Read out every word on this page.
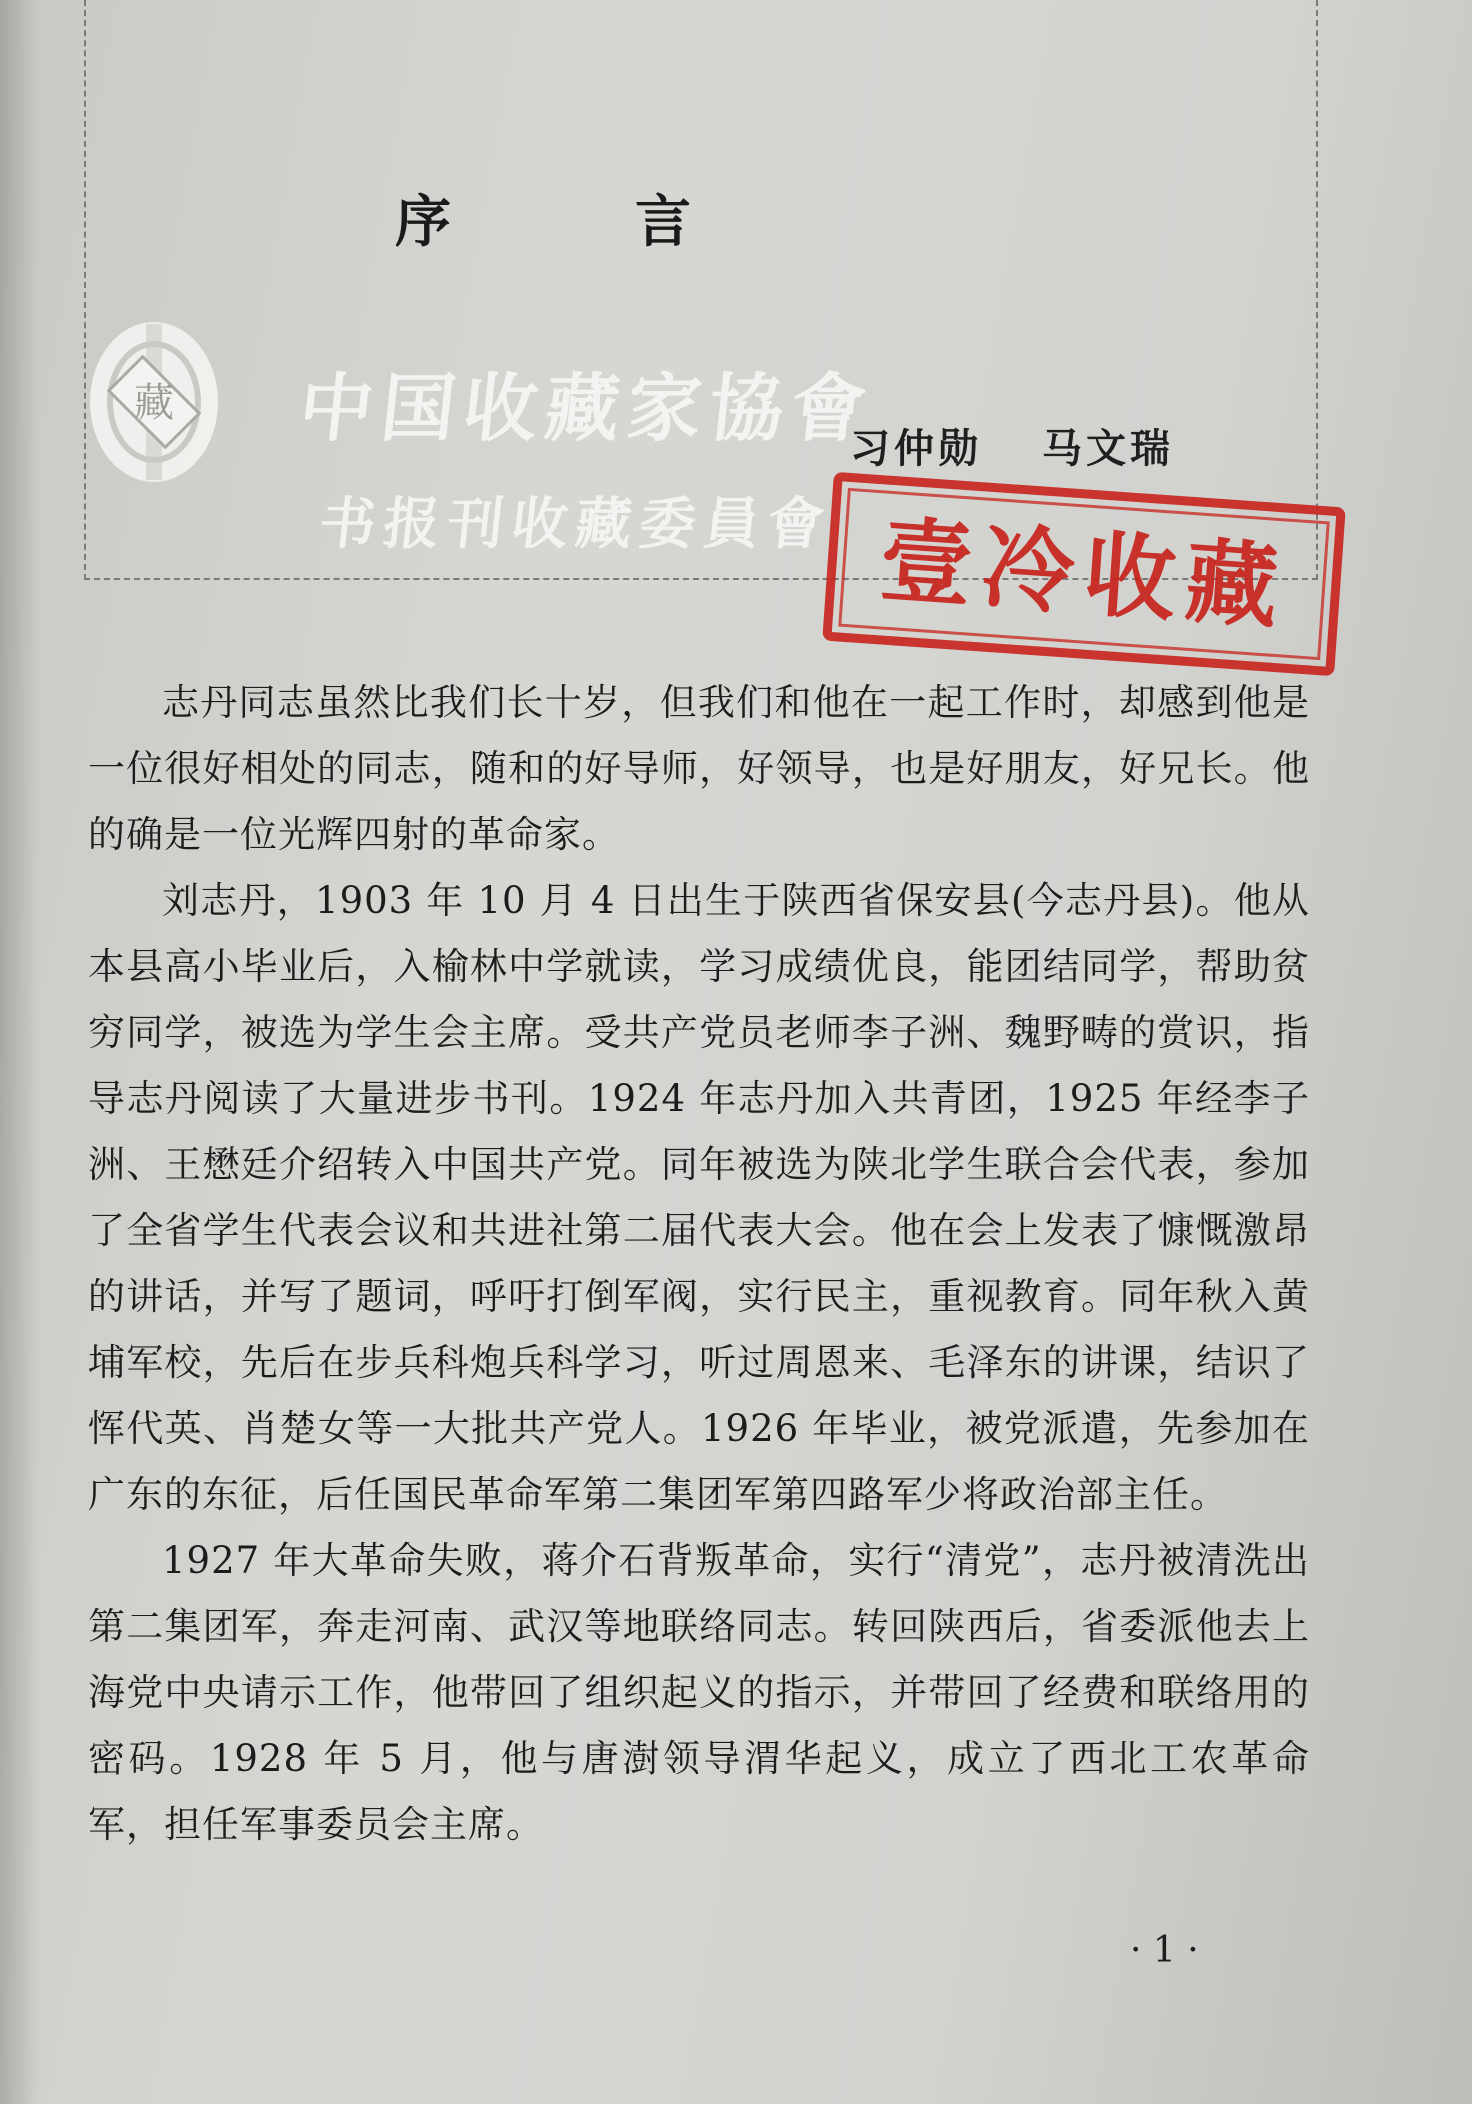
序　言
习仲勋 马文瑞
藏 中国收藏家協會
书报刊收藏委員會 壹冷收藏

志丹同志虽然比我们长十岁，但我们和他在一起工作时，却感到他是一位很好相处的同志，随和的好导师，好领导，也是好朋友，好兄长。他的确是一位光辉四射的革命家。

刘志丹，1903 年 10 月 4 日出生于陕西省保安县(今志丹县)。他从本县高小毕业后，入榆林中学就读，学习成绩优良，能团结同学，帮助贫穷同学，被选为学生会主席。受共产党员老师李子洲、魏野畴的赏识，指导志丹阅读了大量进步书刊。1924 年志丹加入共青团，1925 年经李子洲、王懋廷介绍转入中国共产党。同年被选为陕北学生联合会代表，参加了全省学生代表会议和共进社第二届代表大会。他在会上发表了慷慨激昂的讲话，并写了题词，呼吁打倒军阀，实行民主，重视教育。同年秋入黄埔军校，先后在步兵科炮兵科学习，听过周恩来、毛泽东的讲课，结识了恽代英、肖楚女等一大批共产党人。1926 年毕业，被党派遣，先参加在广东的东征，后任国民革命军第二集团军第四路军少将政治部主任。

1927 年大革命失败，蒋介石背叛革命，实行“清党”，志丹被清洗出第二集团军，奔走河南、武汉等地联络同志。转回陕西后，省委派他去上海党中央请示工作，他带回了组织起义的指示，并带回了经费和联络用的密码。1928 年 5 月，他与唐澍领导渭华起义，成立了西北工农革命军，担任军事委员会主席。

· 1 ·
